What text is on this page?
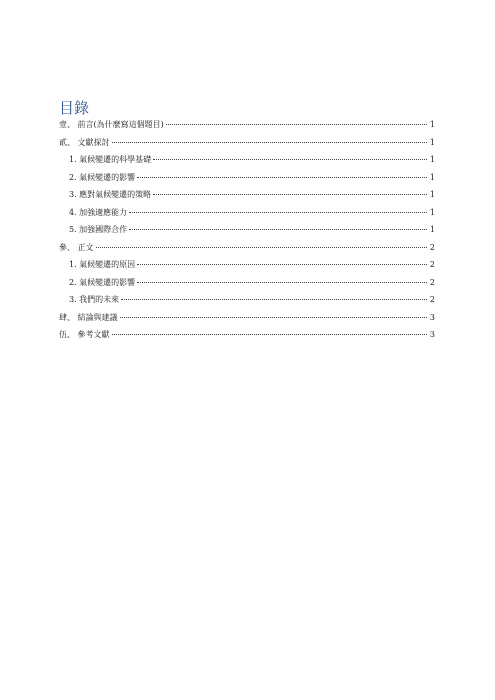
目錄
壹、 前言(為什麼寫這個題目)	1
貳、 文獻探討	1
1. 氣候變遷的科學基礎	1
2. 氣候變遷的影響	1
3. 應對氣候變遷的策略	1
4. 加強適應能力	1
5. 加強國際合作	1
參、 正文	2
1. 氣候變遷的原因	2
2. 氣候變遷的影響	2
3. 我們的未來	2
肆、 結論與建議	3
伍、 參考文獻	3
